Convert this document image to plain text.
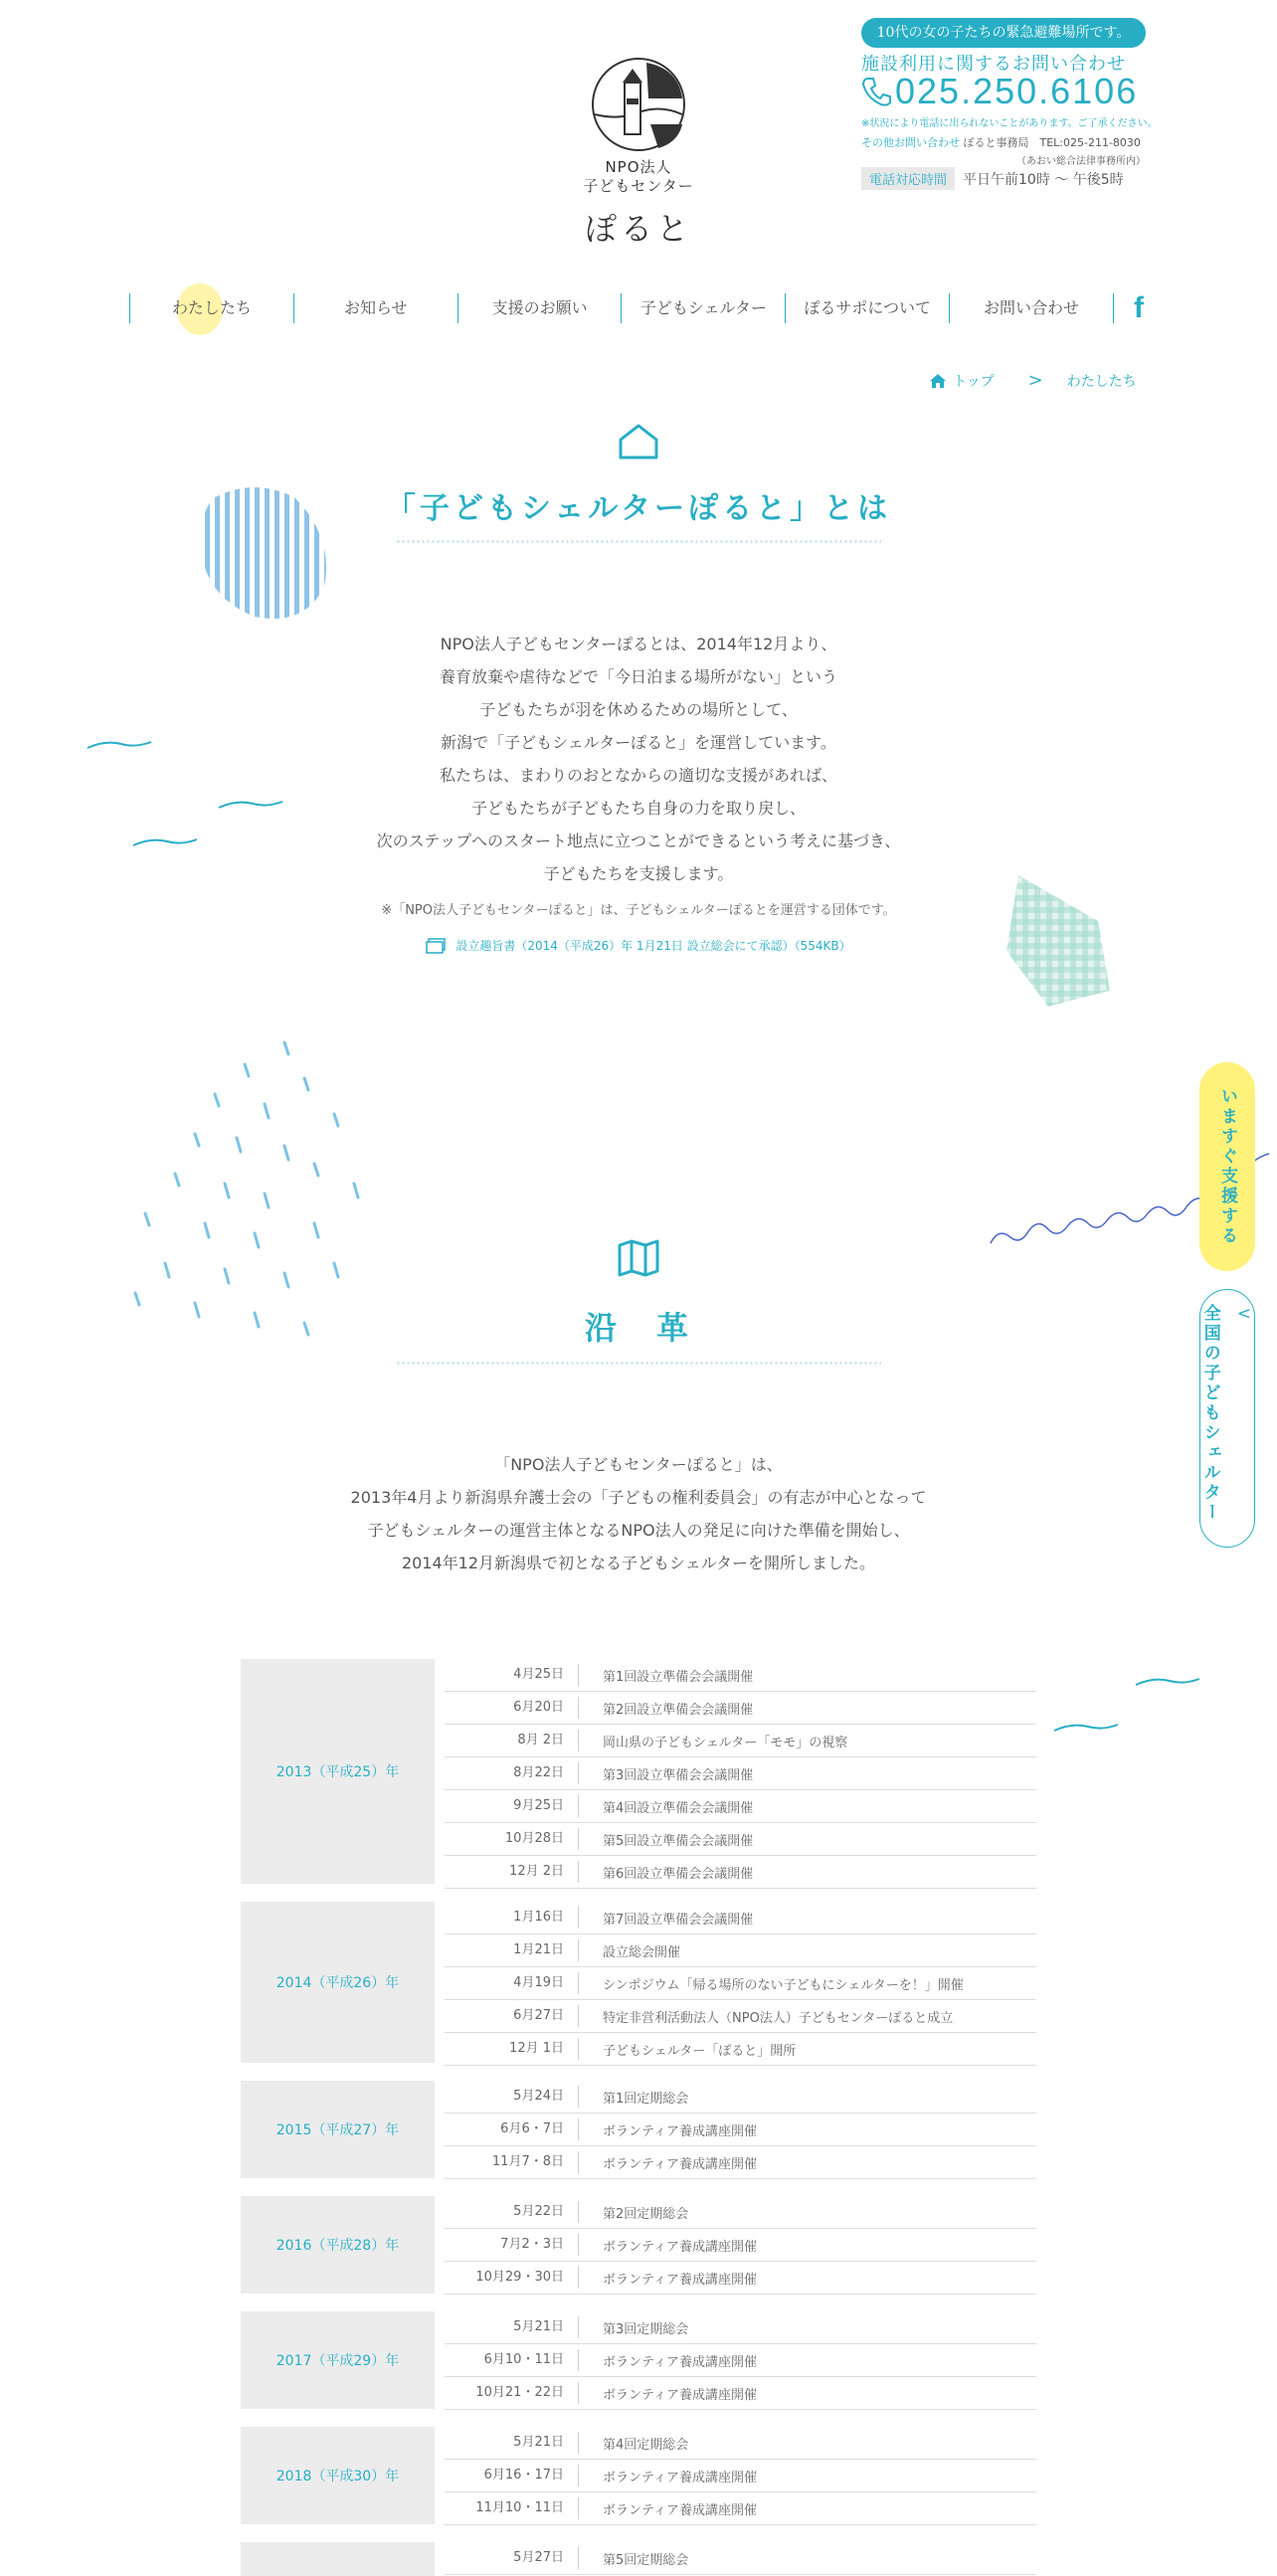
NPO法人
子どもセンター
ぽると
10代の女の子たちの緊急避難場所です。
施設利用に関するお問い合わせ
025.250.6106
※状況により電話に出られないことがあります。ご了承ください。
その他お問い合わせ ぽると事務局　TEL:025-211-8030
（あおい総合法律事務所内）
電話対応時間	平日午前10時 〜 午後5時
わたしたち	お知らせ	支援のお願い	子どもシェルター	ぽるサポについて	お問い合わせ	f
トップ > わたしたち
「子どもシェルターぽると」とは
NPO法人子どもセンターぽるとは、2014年12月より、
養育放棄や虐待などで「今日泊まる場所がない」という
子どもたちが羽を休めるための場所として、
新潟で「子どもシェルターぽると」を運営しています。
私たちは、まわりのおとなからの適切な支援があれば、
子どもたちが子どもたち自身の力を取り戻し、
次のステップへのスタート地点に立つことができるという考えに基づき、
子どもたちを支援します。
※「NPO法人子どもセンターぽると」は、子どもシェルターぽるとを運営する団体です。
設立趣旨書（2014（平成26）年 1月21日 設立総会にて承認）（554KB）
いますぐ支援する
<
全国の子どもシェルター
沿　革
「NPO法人子どもセンターぽると」は、
2013年4月より新潟県弁護士会の「子どもの権利委員会」の有志が中心となって
子どもシェルターの運営主体となるNPO法人の発足に向けた準備を開始し、
2014年12月新潟県で初となる子どもシェルターを開所しました。
2013（平成25）年
4月25日	第1回設立準備会会議開催
6月20日	第2回設立準備会会議開催
8月 2日	岡山県の子どもシェルター「モモ」の視察
8月22日	第3回設立準備会会議開催
9月25日	第4回設立準備会会議開催
10月28日	第5回設立準備会会議開催
12月 2日	第6回設立準備会会議開催
2014（平成26）年
1月16日	第7回設立準備会会議開催
1月21日	設立総会開催
4月19日	シンポジウム「帰る場所のない子どもにシェルターを！」開催
6月27日	特定非営利活動法人（NPO法人）子どもセンターぽると成立
12月 1日	子どもシェルター「ぽると」開所
2015（平成27）年
5月24日	第1回定期総会
6月6・7日	ボランティア養成講座開催
11月7・8日	ボランティア養成講座開催
2016（平成28）年
5月22日	第2回定期総会
7月2・3日	ボランティア養成講座開催
10月29・30日	ボランティア養成講座開催
2017（平成29）年
5月21日	第3回定期総会
6月10・11日	ボランティア養成講座開催
10月21・22日	ボランティア養成講座開催
2018（平成30）年
5月21日	第4回定期総会
6月16・17日	ボランティア養成講座開催
11月10・11日	ボランティア養成講座開催
5月27日	第5回定期総会
